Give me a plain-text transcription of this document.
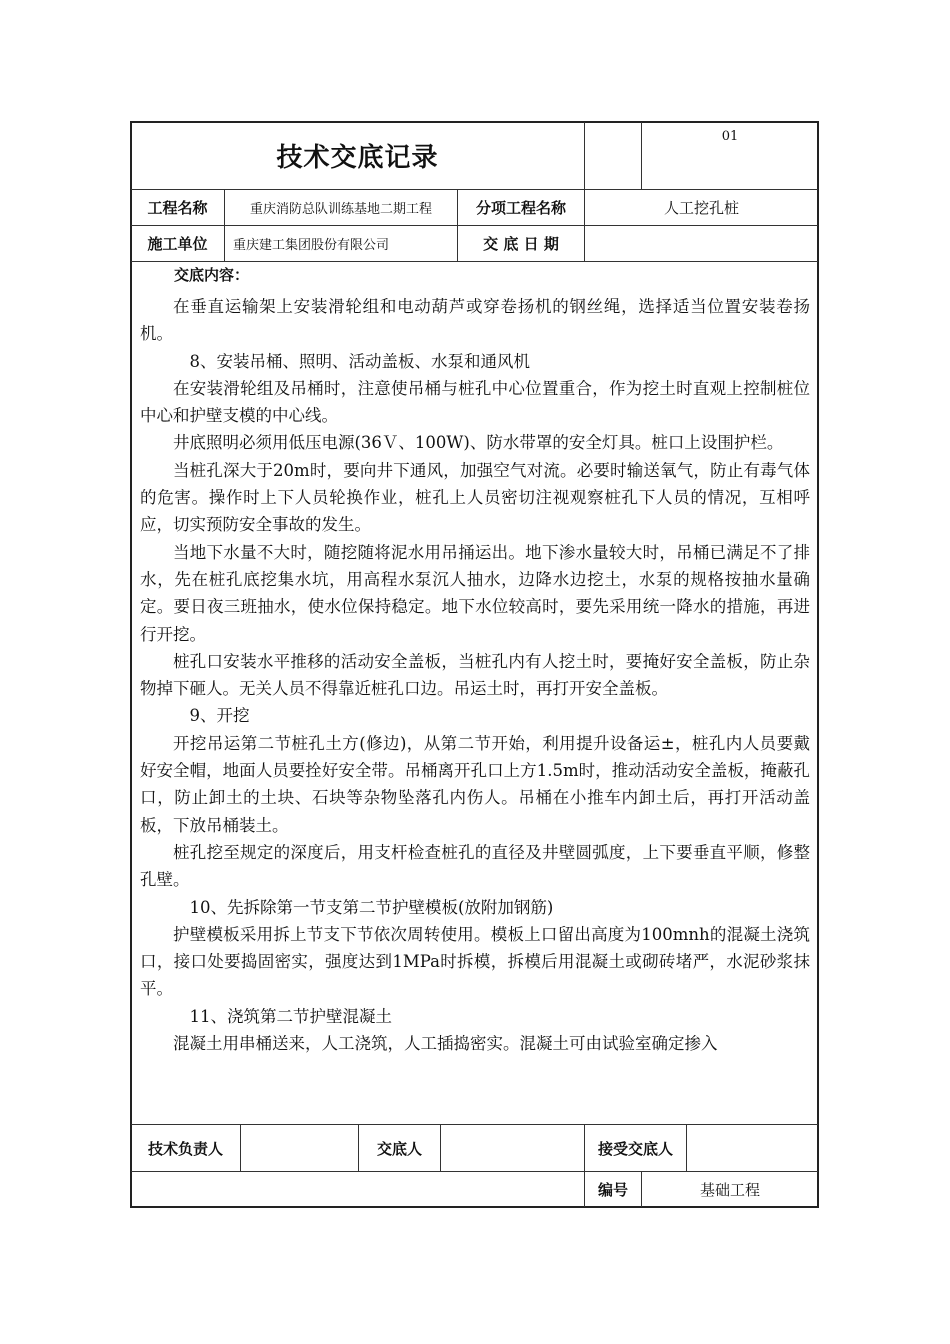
技术交底记录
01
工程名称	重庆消防总队训练基地二期工程	分项工程名称	人工挖孔桩
施工单位	重庆建工集团股份有限公司	交 底 日 期
交底内容：

在垂直运输架上安装滑轮组和电动葫芦或穿卷扬机的钢丝绳，选择适当位置安装卷扬机。

8、安装吊桶、照明、活动盖板、水泵和通风机

在安装滑轮组及吊桶时，注意使吊桶与桩孔中心位置重合，作为挖土时直观上控制桩位中心和护壁支模的中心线。

井底照明必须用低压电源(36Ｖ、100W)、防水带罩的安全灯具。桩口上设围护栏。

当桩孔深大于20m时，要向井下通风，加强空气对流。必要时输送氧气，防止有毒气体的危害。操作时上下人员轮换作业，桩孔上人员密切注视观察桩孔下人员的情况，互相呼应，切实预防安全事故的发生。

当地下水量不大时，随挖随将泥水用吊捅运出。地下渗水量较大时，吊桶已满足不了排水，先在桩孔底挖集水坑，用高程水泵沉人抽水，边降水边挖土，水泵的规格按抽水量确定。要日夜三班抽水，使水位保持稳定。地下水位较高时，要先采用统一降水的措施，再进行开挖。

桩孔口安装水平推移的活动安全盖板，当桩孔内有人挖土时，要掩好安全盖板，防止杂物掉下砸人。无关人员不得靠近桩孔口边。吊运土时，再打开安全盖板。

9、开挖

开挖吊运第二节桩孔土方(修边)，从第二节开始，利用提升设备运±，桩孔内人员要戴好安全帽，地面人员要拴好安全带。吊桶离开孔口上方1.5m时，推动活动安全盖板，掩蔽孔口，防止卸土的土块、石块等杂物坠落孔内伤人。吊桶在小推车内卸土后，再打开活动盖板，下放吊桶装土。

桩孔挖至规定的深度后，用支杆检查桩孔的直径及井壁圆弧度，上下要垂直平顺，修整孔壁。

10、先拆除第一节支第二节护壁模板(放附加钢筋)

护壁模板采用拆上节支下节依次周转使用。模板上口留出高度为100mnh的混凝土浇筑口，接口处要捣固密实，强度达到1MPa时拆模，拆模后用混凝土或砌砖堵严，水泥砂浆抹平。

11、浇筑第二节护壁混凝土

混凝土用串桶送来，人工浇筑，人工插捣密实。混凝土可由试验室确定掺入

技术负责人	交底人	接受交底人
编号	基础工程
